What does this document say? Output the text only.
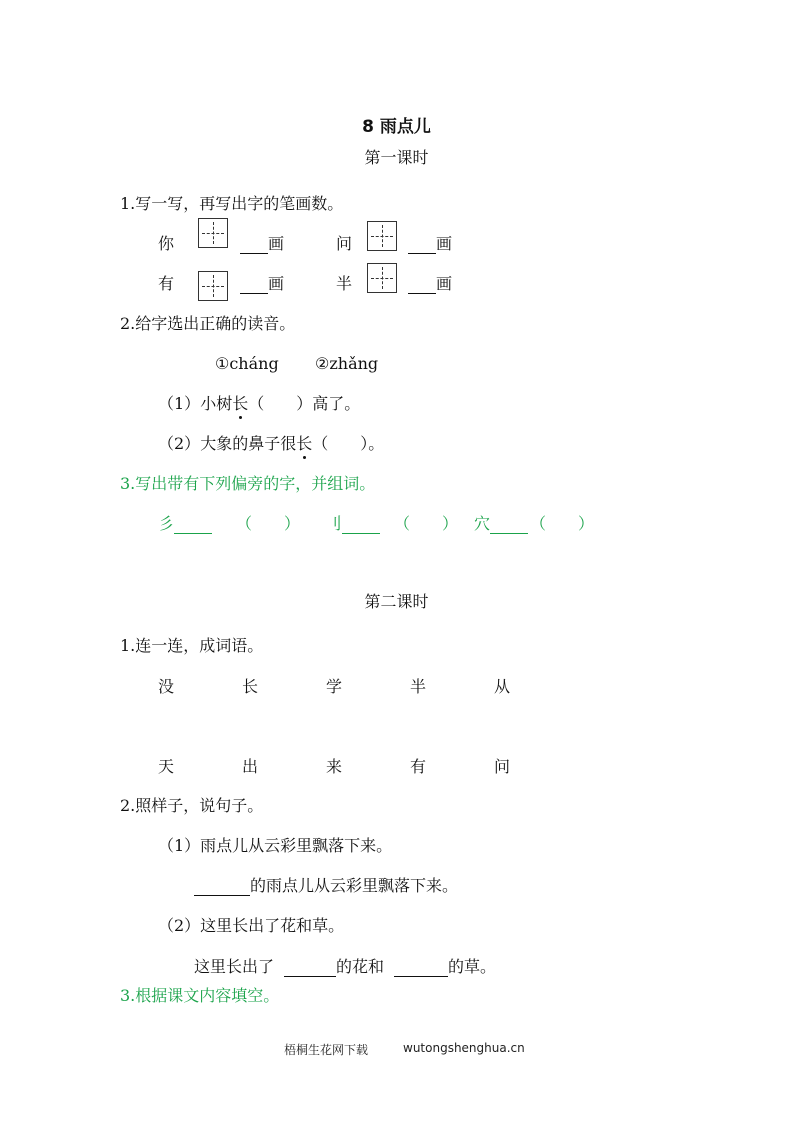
8 雨点儿
第一课时
1.写一写，再写出字的笔画数。
你	画	问	画
有	画	半	画
2.给字选出正确的读音。
①cháng ②zhǎng
（1）小树长（　　）高了。
（2）大象的鼻子很长（　　）。
3.写出带有下列偏旁的字，并组词。
彡	（　　） 刂	（　　） 穴	（　　）
第二课时
1.连一连，成词语。
没	长	学	半	从
天	出	来	有	问
2.照样子，说句子。
（1）雨点儿从云彩里飘落下来。
的雨点儿从云彩里飘落下来。
（2）这里长出了花和草。
这里长出了	的花和	的草。
3.根据课文内容填空。
梧桐生花网下载	wutongshenghua.cn
